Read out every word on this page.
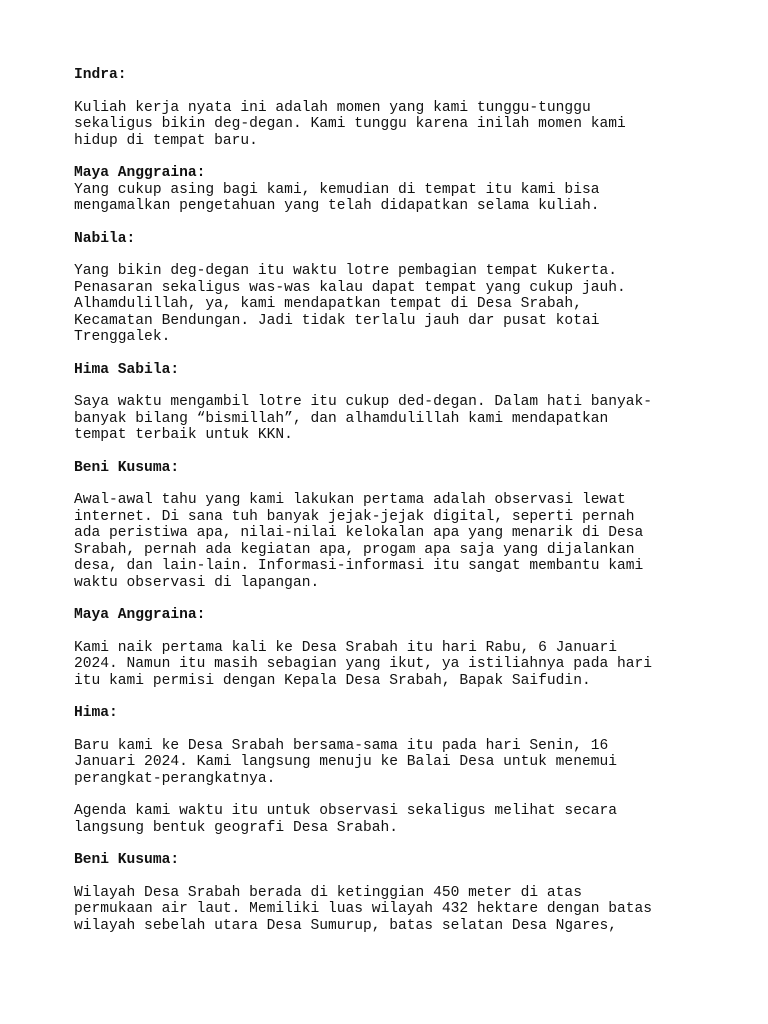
Indra:

Kuliah kerja nyata ini adalah momen yang kami tunggu-tunggu
sekaligus bikin deg-degan. Kami tunggu karena inilah momen kami
hidup di tempat baru.

Maya Anggraina:

Yang cukup asing bagi kami, kemudian di tempat itu kami bisa
mengamalkan pengetahuan yang telah didapatkan selama kuliah.

Nabila:

Yang bikin deg-degan itu waktu lotre pembagian tempat Kukerta.
Penasaran sekaligus was-was kalau dapat tempat yang cukup jauh.
Alhamdulillah, ya, kami mendapatkan tempat di Desa Srabah,
Kecamatan Bendungan. Jadi tidak terlalu jauh dar pusat kotai
Trenggalek.

Hima Sabila:

Saya waktu mengambil lotre itu cukup ded-degan. Dalam hati banyak-
banyak bilang “bismillah”, dan alhamdulillah kami mendapatkan
tempat terbaik untuk KKN.

Beni Kusuma:

Awal-awal tahu yang kami lakukan pertama adalah observasi lewat
internet. Di sana tuh banyak jejak-jejak digital, seperti pernah
ada peristiwa apa, nilai-nilai kelokalan apa yang menarik di Desa
Srabah, pernah ada kegiatan apa, progam apa saja yang dijalankan
desa, dan lain-lain. Informasi-informasi itu sangat membantu kami
waktu observasi di lapangan.

Maya Anggraina:

Kami naik pertama kali ke Desa Srabah itu hari Rabu, 6 Januari
2024. Namun itu masih sebagian yang ikut, ya istiliahnya pada hari
itu kami permisi dengan Kepala Desa Srabah, Bapak Saifudin.

Hima:

Baru kami ke Desa Srabah bersama-sama itu pada hari Senin, 16
Januari 2024. Kami langsung menuju ke Balai Desa untuk menemui
perangkat-perangkatnya.

Agenda kami waktu itu untuk observasi sekaligus melihat secara
langsung bentuk geografi Desa Srabah.

Beni Kusuma:

Wilayah Desa Srabah berada di ketinggian 450 meter di atas
permukaan air laut. Memiliki luas wilayah 432 hektare dengan batas
wilayah sebelah utara Desa Sumurup, batas selatan Desa Ngares,
